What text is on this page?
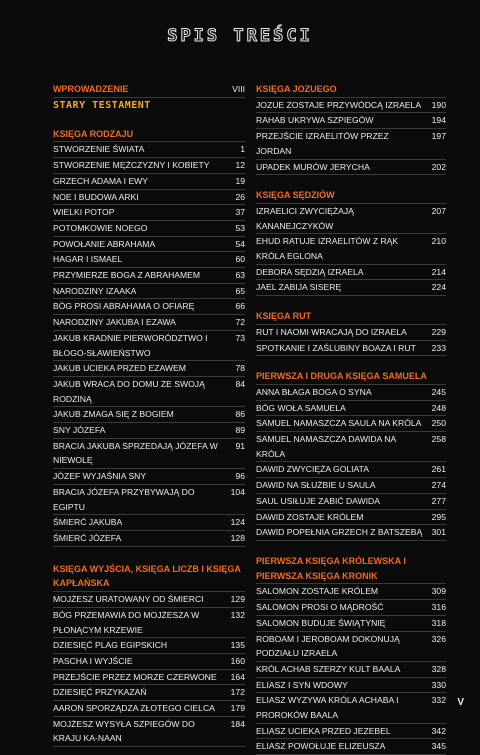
SPIS TREŚCI
WPROWADZENIE	VIII
STARY TESTAMENT
KSIĘGA RODZAJU
STWORZENIE ŚWIATA	1
STWORZENIE MĘŻCZYZNY I KOBIETY	12
GRZECH ADAMA I EWY	19
NOE I BUDOWA ARKI	26
WIELKI POTOP	37
POTOMKOWIE NOEGO	53
POWOŁANIE ABRAHAMA	54
HAGAR I ISMAEL	60
PRZYMIERZE BOGA Z ABRAHAMEM	63
NARODZINY IZAAKA	65
BÓG PROSI ABRAHAMA O OFIARĘ	66
NARODZINY JAKUBA I EZAWA	72
JAKUB KRADNIE PIERWORÓDZTWO I BŁOGO-SŁAWIEŃSTWO
73
JAKUB UCIEKA PRZED EZAWEM	78
JAKUB WRACA DO DOMU ZE SWOJĄ RODZINĄ
84
JAKUB ZMAGA SIĘ Z BOGIEM	86
SNY JÓZEFA	89
BRACIA JAKUBA SPRZEDAJĄ JÓZEFA W NIEWOLĘ
91
JÓZEF WYJAŚNIA SNY	96
BRACIA JÓZEFA PRZYBYWAJĄ DO EGIPTU
104
ŚMIERĆ JAKUBA	124
ŚMIERĆ JÓZEFA	128
KSIĘGA WYJŚCIA, KSIĘGA LICZB I KSIĘGA KAPŁAŃSKA
MOJŻESZ URATOWANY OD ŚMIERCI	129
BÓG PRZEMAWIA DO MOJŻESZA W PŁONĄCYM KRZEWIE
132
DZIESIĘĆ PLAG EGIPSKICH	135
PASCHA I WYJŚCIE	160
PRZEJŚCIE PRZEZ MORZE CZERWONE	164
DZIESIĘĆ PRZYKAZAŃ	172
AARON SPORZĄDZA ZŁOTEGO CIELCA	179
MOJŻESZ WYSYŁA SZPIEGÓW DO KRAJU KA-NAAN
184
KSIĘGA JOZUEGO
JOZUE ZOSTAJE PRZYWÓDCĄ IZRAELA	190
RAHAB UKRYWA SZPIEGÓW	194
PRZEJŚCIE IZRAELITÓW PRZEZ JORDAN
197
UPADEK MURÓW JERYCHA	202
KSIĘGA SĘDZIÓW
IZRAELICI ZWYCIĘŻAJĄ KANANEJCZYKÓW
207
EHUD RATUJE IZRAELITÓW Z RĄK KRÓLA EGLONA
210
DEBORA SĘDZIĄ IZRAELA	214
JAEL ZABIJA SISERĘ	224
KSIĘGA RUT
RUT I NAOMI WRACAJĄ DO IZRAELA	229
SPOTKANIE I ZAŚLUBINY BOAZA I RUT	233
PIERWSZA I DRUGA KSIĘGA SAMUELA
ANNA BŁAGA BOGA O SYNA	245
BÓG WOŁA SAMUELA	248
SAMUEL NAMASZCZA SAULA NA KRÓLA	250
SAMUEL NAMASZCZA DAWIDA NA KRÓLA
258
DAWID ZWYCIĘŻA GOLIATA	261
DAWID NA SŁUŻBIE U SAULA	274
SAUL USIŁUJE ZABIĆ DAWIDA	277
DAWID ZOSTAJE KRÓLEM	295
DAWID POPEŁNIA GRZECH Z BATSZEBĄ	301
PIERWSZA KSIĘGA KRÓLEWSKA I PIERWSZA KSIĘGA KRONIK
SALOMON ZOSTAJE KRÓLEM	309
SALOMON PROSI O MĄDROŚĆ	316
SALOMON BUDUJE ŚWIĄTYNIĘ	318
ROBOAM I JEROBOAM DOKONUJĄ PODZIAŁU IZRAELA
326
KRÓL ACHAB SZERZY KULT BAALA	328
ELIASZ I SYN WDOWY	330
ELIASZ WYZYWA KRÓLA ACHABA I PROROKÓW BAALA
332
ELIASZ UCIEKA PRZED JEZEBEL	342
ELIASZ POWOŁUJE ELIZEUSZA	345
V
